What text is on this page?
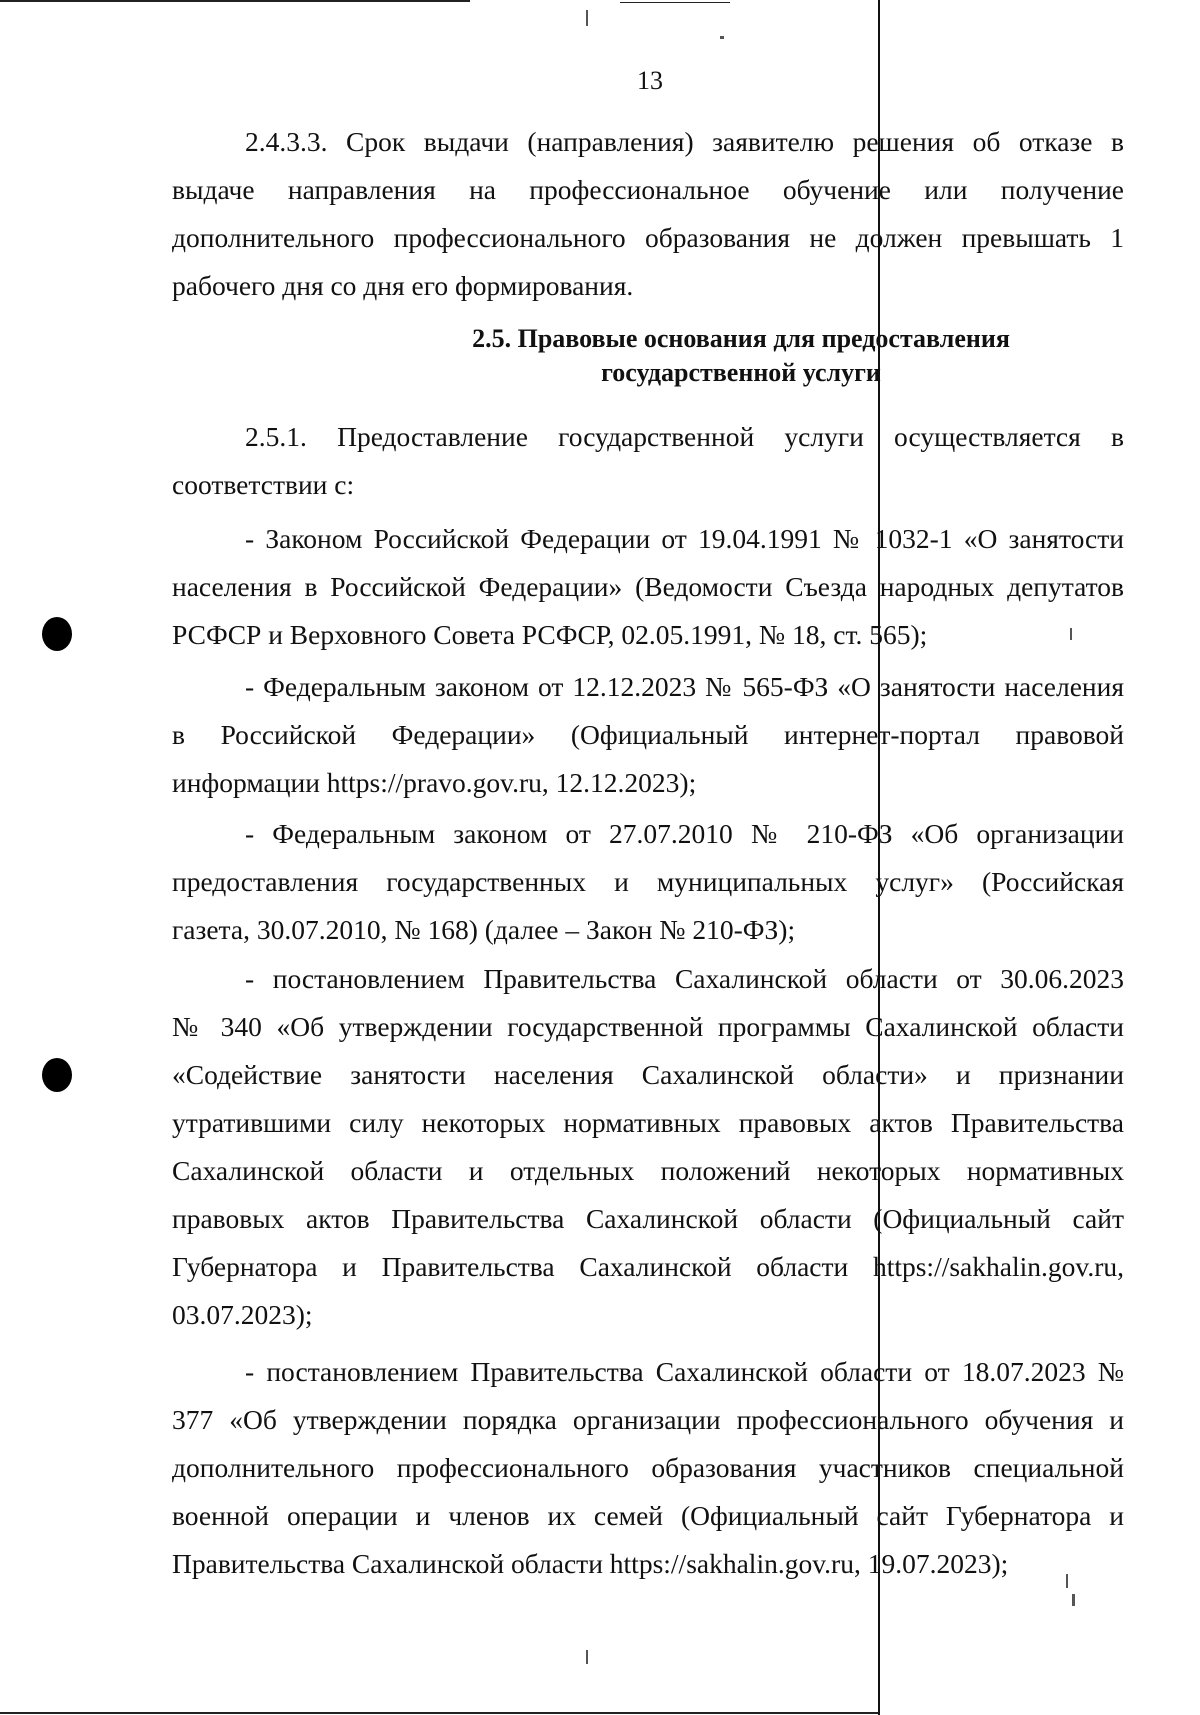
13
2.4.3.3. Срок выдачи (направления) заявителю решения об отказе в
выдаче направления на профессиональное обучение или получение
дополнительного профессионального образования не должен превышать 1
рабочего дня со дня его формирования.
2.5. Правовые основания для предоставления
государственной услуги
2.5.1. Предоставление государственной услуги осуществляется в
соответствии с:
- Законом Российской Федерации от 19.04.1991 № 1032-1 «О занятости
населения в Российской Федерации» (Ведомости Съезда народных депутатов
РСФСР и Верховного Совета РСФСР, 02.05.1991, № 18, ст. 565);
- Федеральным законом от 12.12.2023 № 565-ФЗ «О занятости населения
в Российской Федерации» (Официальный интернет-портал правовой
информации https://pravo.gov.ru, 12.12.2023);
- Федеральным законом от 27.07.2010 № 210-ФЗ «Об организации
предоставления государственных и муниципальных услуг» (Российская
газета, 30.07.2010, № 168) (далее – Закон № 210-ФЗ);
- постановлением Правительства Сахалинской области от 30.06.2023
№ 340 «Об утверждении государственной программы Сахалинской области
«Содействие занятости населения Сахалинской области» и признании
утратившими силу некоторых нормативных правовых актов Правительства
Сахалинской области и отдельных положений некоторых нормативных
правовых актов Правительства Сахалинской области (Официальный сайт
Губернатора и Правительства Сахалинской области https://sakhalin.gov.ru,
03.07.2023);
- постановлением Правительства Сахалинской области от 18.07.2023 №
377 «Об утверждении порядка организации профессионального обучения и
дополнительного профессионального образования участников специальной
военной операции и членов их семей (Официальный сайт Губернатора и
Правительства Сахалинской области https://sakhalin.gov.ru, 19.07.2023);
